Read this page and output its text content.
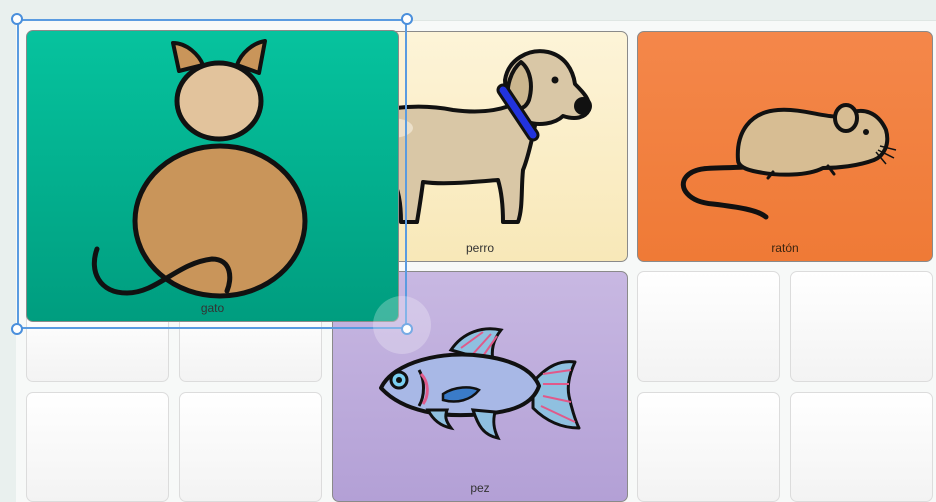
perro	ratón
pez
gato
